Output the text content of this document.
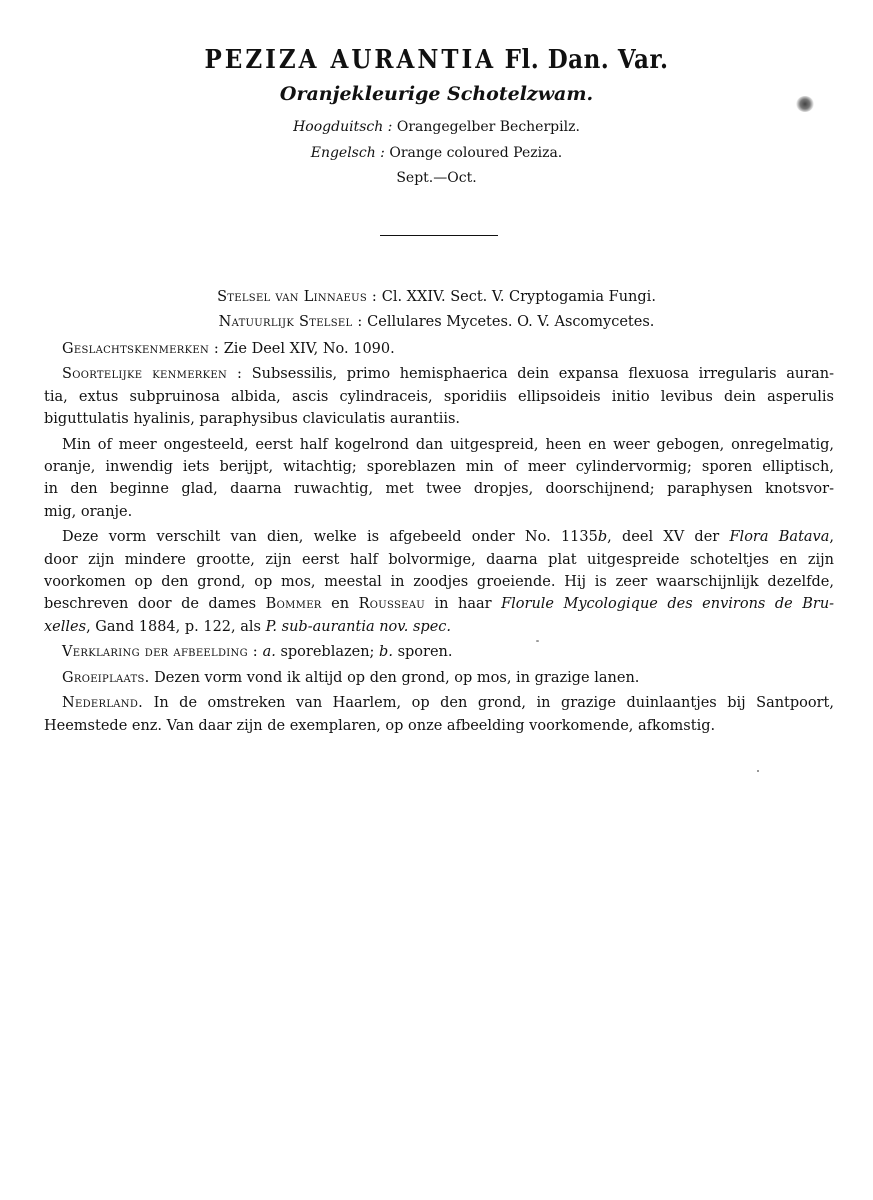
PEZIZA AURANTIA Fl. Dan. Var.
Oranjekleurige Schotelzwam.
Hoogduitsch : Orangegelber Becherpilz.
Engelsch : Orange coloured Peziza.
Sept.—Oct.
Stelsel van Linnaeus : Cl. XXIV. Sect. V. Cryptogamia Fungi.
Natuurlijk Stelsel : Cellulares Mycetes. O. V. Ascomycetes.

Geslachtskenmerken : Zie Deel XIV, No. 1090.

Soortelijke kenmerken : Subsessilis, primo hemisphaerica dein expansa flexuosa irregularis auran-
tia, extus subpruinosa albida, ascis cylindraceis, sporidiis ellipsoideis initio levibus dein asperulis
biguttulatis hyalinis, paraphysibus claviculatis aurantiis.

Min of meer ongesteeld, eerst half kogelrond dan uitgespreid, heen en weer gebogen, onregelmatig,
oranje, inwendig iets berijpt, witachtig; sporeblazen min of meer cylindervormig; sporen elliptisch,
in den beginne glad, daarna ruwachtig, met twee dropjes, doorschijnend; paraphysen knotsvor-
mig, oranje.

Deze vorm verschilt van dien, welke is afgebeeld onder No. 1135b, deel XV der Flora Batava,
door zijn mindere grootte, zijn eerst half bolvormige, daarna plat uitgespreide schoteltjes en zijn
voorkomen op den grond, op mos, meestal in zoodjes groeiende. Hij is zeer waarschijnlijk dezelfde,
beschreven door de dames Bommer en Rousseau in haar Florule Mycologique des environs de Bru-
xelles, Gand 1884, p. 122, als P. sub-aurantia nov. spec.

Verklaring der afbeelding : a. sporeblazen; b. sporen.

Groeiplaats. Dezen vorm vond ik altijd op den grond, op mos, in grazige lanen.

Nederland. In de omstreken van Haarlem, op den grond, in grazige duinlaantjes bij Santpoort,
Heemstede enz. Van daar zijn de exemplaren, op onze afbeelding voorkomende, afkomstig.
